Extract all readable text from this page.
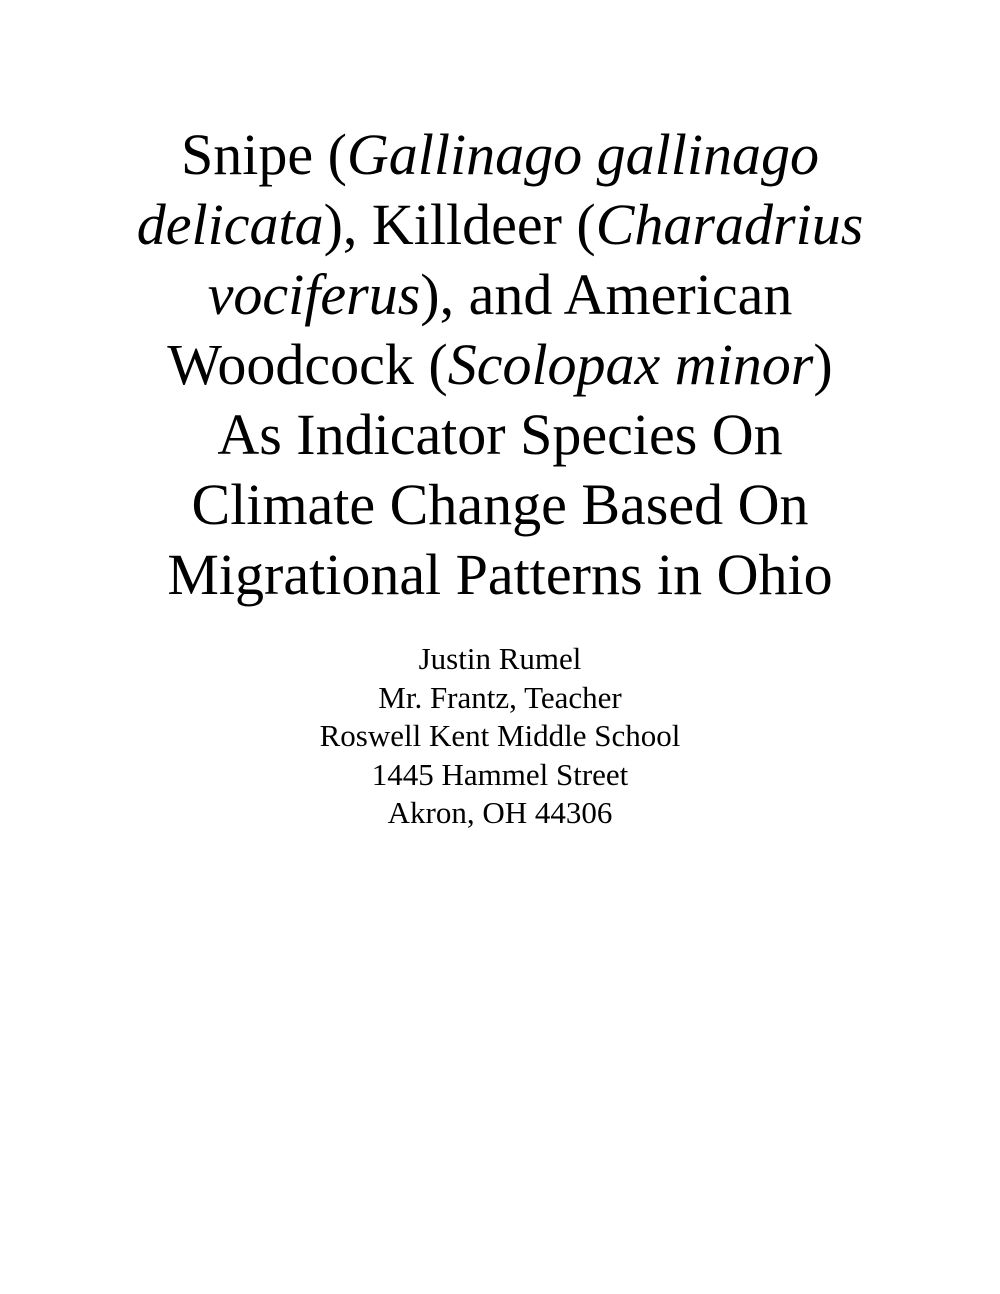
Snipe (Gallinago gallinago
delicata), Killdeer (Charadrius
vociferus), and American
Woodcock (Scolopax minor)
As Indicator Species On
Climate Change Based On
Migrational Patterns in Ohio
Justin Rumel
Mr. Frantz, Teacher
Roswell Kent Middle School
1445 Hammel Street
Akron, OH 44306
